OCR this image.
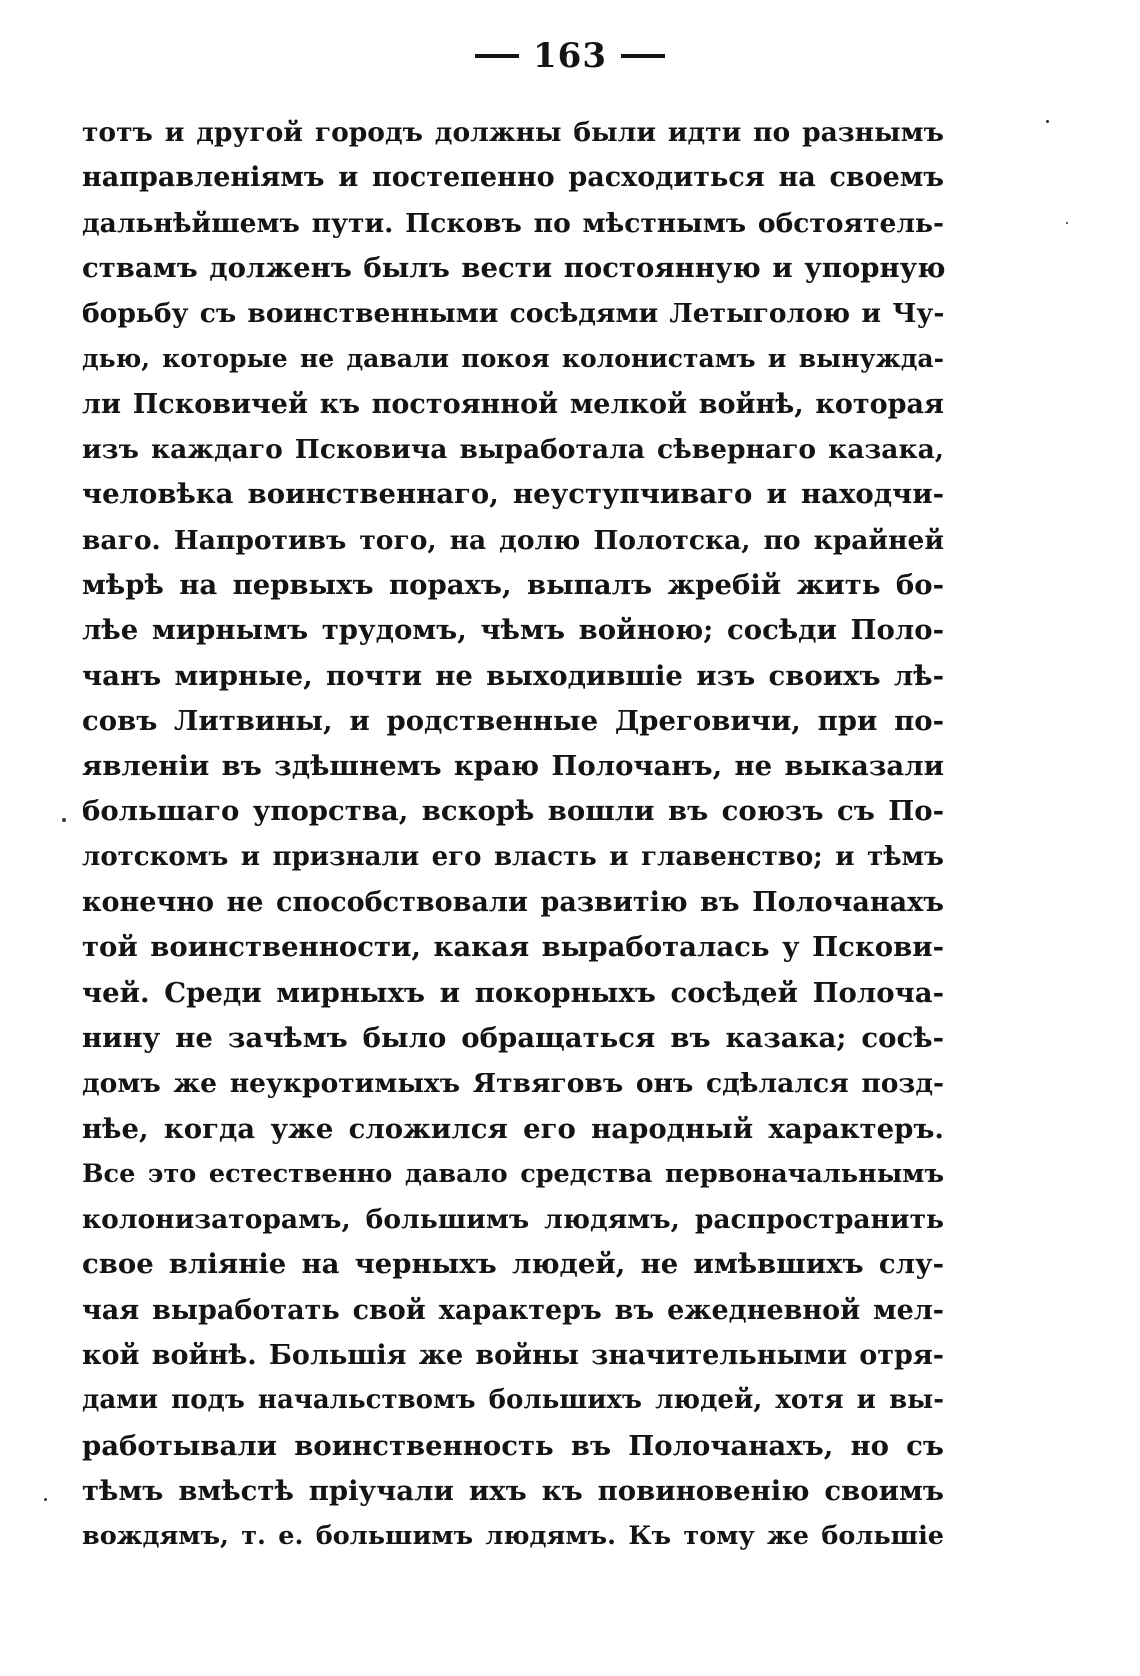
163
тотъ и другой городъ должны были идти по разнымъ
направленіямъ и постепенно расходиться на своемъ
дальнѣйшемъ пути. Псковъ по мѣстнымъ обстоятель-
ствамъ долженъ былъ вести постоянную и упорную
борьбу съ воинственными сосѣдями Летыголою и Чу-
дью, которые не давали покоя колонистамъ и вынужда-
ли Псковичей къ постоянной мелкой войнѣ, которая
изъ каждаго Псковича выработала сѣвернаго казака,
человѣка воинственнаго, неуступчиваго и находчи-
ваго. Напротивъ того, на долю Полотска, по крайней
мѣрѣ на первыхъ порахъ, выпалъ жребій жить бо-
лѣе мирнымъ трудомъ, чѣмъ войною; сосѣди Поло-
чанъ мирные, почти не выходившіе изъ своихъ лѣ-
совъ Литвины, и родственные Дреговичи, при по-
явленіи въ здѣшнемъ краю Полочанъ, не выказали
большаго упорства, вскорѣ вошли въ союзъ съ По-
лотскомъ и признали его власть и главенство; и тѣмъ
конечно не способствовали развитію въ Полочанахъ
той воинственности, какая выработалась у Пскови-
чей. Среди мирныхъ и покорныхъ сосѣдей Полоча-
нину не зачѣмъ было обращаться въ казака; сосѣ-
домъ же неукротимыхъ Ятвяговъ онъ сдѣлался позд-
нѣе, когда уже сложился его народный характеръ.
Все это естественно давало средства первоначальнымъ
колонизаторамъ, большимъ людямъ, распространить
свое вліяніе на черныхъ людей, не имѣвшихъ слу-
чая выработать свой характеръ въ ежедневной мел-
кой войнѣ. Большія же войны значительными отря-
дами подъ начальствомъ большихъ людей, хотя и вы-
работывали воинственность въ Полочанахъ, но съ
тѣмъ вмѣстѣ пріучали ихъ къ повиновенію своимъ
вождямъ, т. е. большимъ людямъ. Къ тому же большіе
